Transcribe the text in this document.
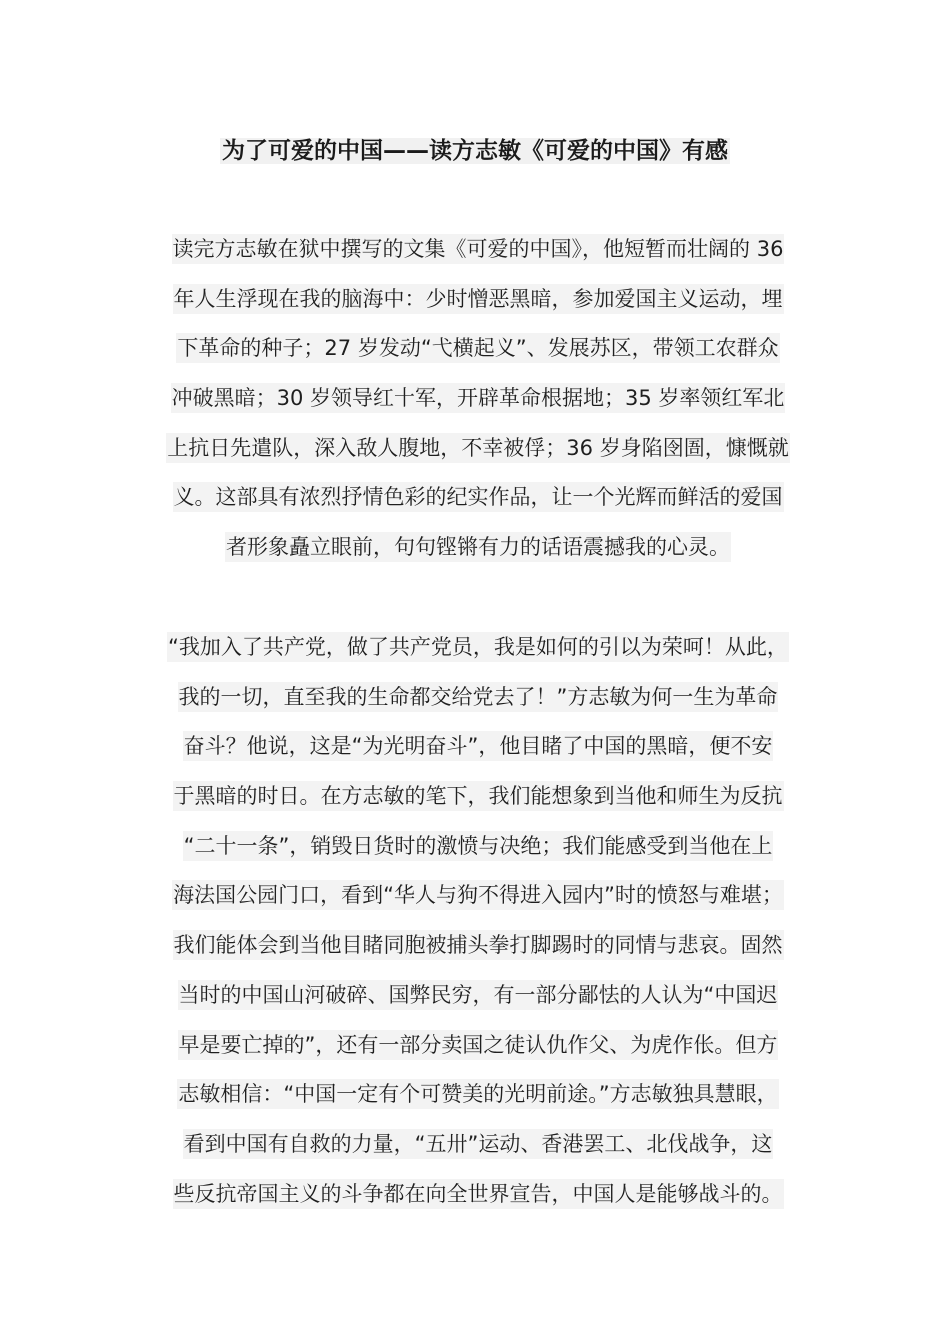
为了可爱的中国——读方志敏《可爱的中国》有感
读完方志敏在狱中撰写的文集《可爱的中国》，他短暂而壮阔的 36
年人生浮现在我的脑海中：少时憎恶黑暗，参加爱国主义运动，埋
下革命的种子；27 岁发动“弋横起义”、发展苏区，带领工农群众
冲破黑暗；30 岁领导红十军，开辟革命根据地；35 岁率领红军北
上抗日先遣队，深入敌人腹地，不幸被俘；36 岁身陷囹圄，慷慨就
义。这部具有浓烈抒情色彩的纪实作品，让一个光辉而鲜活的爱国
者形象矗立眼前，句句铿锵有力的话语震撼我的心灵。
“我加入了共产党，做了共产党员，我是如何的引以为荣呵！从此，
我的一切，直至我的生命都交给党去了！”方志敏为何一生为革命
奋斗？他说，这是“为光明奋斗”，他目睹了中国的黑暗，便不安
于黑暗的时日。在方志敏的笔下，我们能想象到当他和师生为反抗
“二十一条”，销毁日货时的激愤与决绝；我们能感受到当他在上
海法国公园门口，看到“华人与狗不得进入园内”时的愤怒与难堪；
我们能体会到当他目睹同胞被捕头拳打脚踢时的同情与悲哀。固然
当时的中国山河破碎、国弊民穷，有一部分鄙怯的人认为“中国迟
早是要亡掉的”，还有一部分卖国之徒认仇作父、为虎作伥。但方
志敏相信：“中国一定有个可赞美的光明前途。”方志敏独具慧眼，
看到中国有自救的力量，“五卅”运动、香港罢工、北伐战争，这
些反抗帝国主义的斗争都在向全世界宣告，中国人是能够战斗的。
